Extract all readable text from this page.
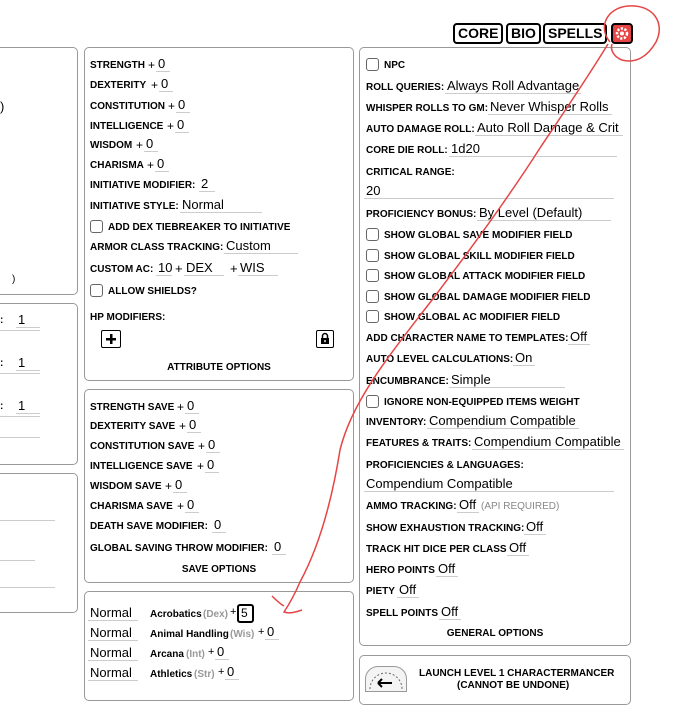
CORE BIO SPELLS
)
)
: 1
: 1
: 1
STRENGTH + 0
DEXTERITY + 0
CONSTITUTION + 0
INTELLIGENCE + 0
WISDOM + 0
CHARISMA + 0
INITIATIVE MODIFIER: 2
INITIATIVE STYLE: Normal
ADD DEX TIEBREAKER TO INITIATIVE
ARMOR CLASS TRACKING: Custom
CUSTOM AC: 10 + DEX	+ WIS
ALLOW SHIELDS?
HP MODIFIERS:
ATTRIBUTE OPTIONS
STRENGTH SAVE + 0
DEXTERITY SAVE + 0
CONSTITUTION SAVE + 0
INTELLIGENCE SAVE + 0
WISDOM SAVE + 0
CHARISMA SAVE + 0
DEATH SAVE MODIFIER: 0
GLOBAL SAVING THROW MODIFIER: 0
SAVE OPTIONS
Normal	Acrobatics (Dex) + 5
Normal	Animal Handling (Wis) + 0
Normal	Arcana (Int) + 0
Normal	Athletics (Str) + 0
NPC
ROLL QUERIES: Always Roll Advantage
WHISPER ROLLS TO GM: Never Whisper Rolls
AUTO DAMAGE ROLL: Auto Roll Damage & Crit
CORE DIE ROLL: 1d20
CRITICAL RANGE:
20
PROFICIENCY BONUS: By Level (Default)
SHOW GLOBAL SAVE MODIFIER FIELD
SHOW GLOBAL SKILL MODIFIER FIELD
SHOW GLOBAL ATTACK MODIFIER FIELD
SHOW GLOBAL DAMAGE MODIFIER FIELD
SHOW GLOBAL AC MODIFIER FIELD
ADD CHARACTER NAME TO TEMPLATES: Off
AUTO LEVEL CALCULATIONS: On
ENCUMBRANCE: Simple
IGNORE NON-EQUIPPED ITEMS WEIGHT
INVENTORY: Compendium Compatible
FEATURES & TRAITS: Compendium Compatible
PROFICIENCIES & LANGUAGES:
Compendium Compatible
AMMO TRACKING: Off (API REQUIRED)
SHOW EXHAUSTION TRACKING: Off
TRACK HIT DICE PER CLASS Off
HERO POINTS Off
PIETY Off
SPELL POINTS Off
GENERAL OPTIONS
LAUNCH LEVEL 1 CHARACTERMANCER
(CANNOT BE UNDONE)
